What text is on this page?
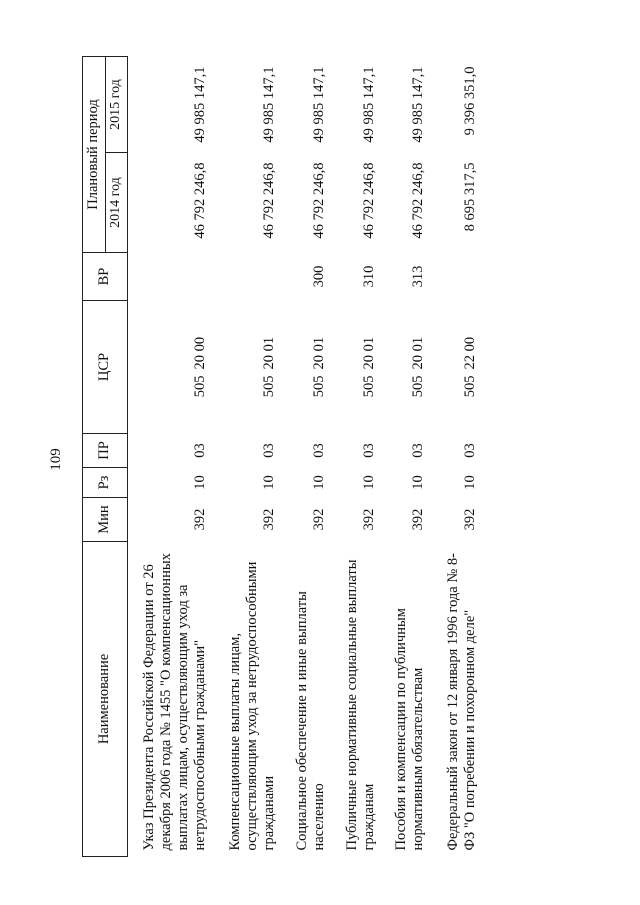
109
Наименование	Мин	Рз	ПР	ЦСР	ВР	Плановый период	
						2014 год	2015 год
Указ Президента Российской Федерации от 26 декабря 2006 года № 1455 "О компенсационных выплатах лицам, осуществляющим уход за нетрудоспособными гражданами"	392	10	03	50520 00		46 792 246,8	49 985 147,1
Компенсационные выплаты лицам, осуществляющим уход за нетрудоспособными гражданами	392	10	03	50520 01		46 792 246,8	49 985 147,1
Социальное обеспечение и иные выплаты населению	392	10	03	50520 01	300	46 792 246,8	49 985 147,1
Публичные нормативные социальные выплаты гражданам	392	10	03	50520 01	310	46 792 246,8	49 985 147,1
Пособия и компенсации по публичным нормативным обязательствам	392	10	03	50520 01	313	46 792 246,8	49 985 147,1
Федеральный закон от 12 января 1996 года № 8-ФЗ "О погребении и похоронном деле"	392	10	03	50522 00		8 695 317,5	9 396 351,0
